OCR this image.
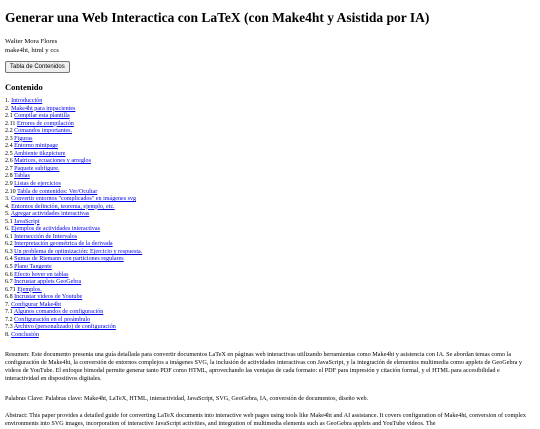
Generar una Web Interactica con LaTeX (con Make4ht y Asistida por IA)
Walter Mora Flores
make4ht, html y ccs
Tabla de Contenidos
Contenido
1. Introducción
2. Make4ht para impacientes
2.1 Compilar esta plantilla
2.11 Errores de compilación
2.2 Comandos importantes.
2.3 Figuras
2.4 Entorno minipage
2.5 Ambiente tikzpicture
2.6 Matrices, ecuaciones y arreglos
2.7 Paquete subfigure.
2.8 Tablas
2.9 Listas de ejercicios
2.10 Tabla de contenidos: Ver/Ocultar
3. Convertir entornos "complicados" en imágenes svg
4. Entornos definción, teorema, ejemplo, etc.
5. Agregar actividades interactivas
5.1 JavaScript
6. Ejemplos de actividades interactivas
6.1 Intersección de Intervalos
6.2 Interpretación geométrica de la derivada
6.3 Un problema de optimización: Ejercicio y respuesta.
6.4 Sumas de Riemann con particiones regulares
6.5 Plano Tangente
6.6 Efecto hover en tablas
6.7 Incrustar applets GeoGebra
6.71 Ejemplos.
6.8 Incrustar videos de Youtube
7. Configurar Make4ht
7.1 Algunos comandos de configuración
7.2 Configuración en el preámbulo
7.3 Archivo (personalizado) de configuración
8. Conclusión
Resumen: Este documento presenta una guía detallada para convertir documentos LaTeX en páginas web interactivas utilizando herramientas como Make4ht y asistencia con IA. Se abordan temas como la configuración de Make4ht, la conversión de entornos complejos a imágenes SVG, la inclusión de actividades interactivas con JavaScript, y la integración de elementos multimedia como applets de GeoGebra y videos de YouTube. El enfoque bimodal permite generar tanto PDF como HTML, aprovechando las ventajas de cada formato: el PDF para impresión y citación formal, y el HTML para accesibilidad e interactividad en dispositivos digitales.
Palabras Clave: Palabras clave: Make4ht, LaTeX, HTML, interactividad, JavaScript, SVG, GeoGebra, IA, conversión de documentos, diseño web.
Abstract: This paper provides a detailed guide for converting LaTeX documents into interactive web pages using tools like Make4ht and AI assistance. It covers configuration of Make4ht, conversion of complex environments into SVG images, incorporation of interactive JavaScript activities, and integration of multimedia elements such as GeoGebra applets and YouTube videos. The
